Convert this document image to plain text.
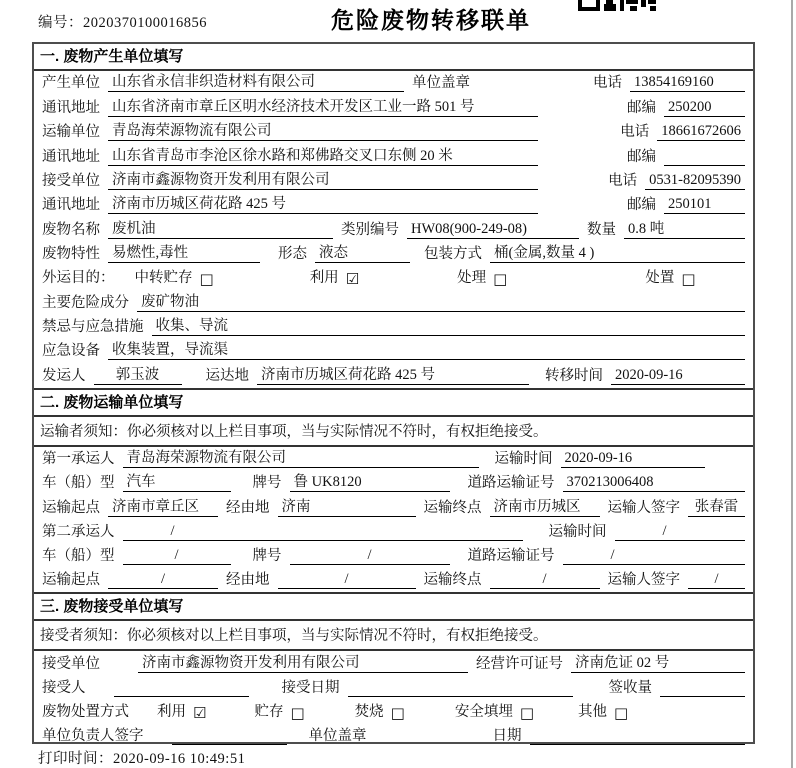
编号：2020370100016856	危险废物转移联单
一. 废物产生单位填写
产生单位 山东省永信非织造材料有限公司	单位盖章	电话 13854169160
通讯地址 山东省济南市章丘区明水经济技术开发区工业一路 501 号	邮编 250200
运输单位 青岛海荣源物流有限公司	电话 18661672606
通讯地址 山东省青岛市李沧区徐水路和郑佛路交叉口东侧 20 米	邮编
接受单位 济南市鑫源物资开发利用有限公司	电话 0531-82095390
通讯地址 济南市历城区荷花路 425 号	邮编 250101
废物名称 废机油	类别编号 HW08(900-249-08)	数量 0.8 吨
废物特性 易燃性,毒性	形态 液态	包装方式 桶(金属,数量 4 )
外运目的： 中转贮存 □	利用 ☑	处理 □	处置 □
主要危险成分 废矿物油
禁忌与应急措施 收集、导流
应急设备 收集装置，导流渠
发运人	郭玉波	运达地 济南市历城区荷花路 425 号	转移时间 2020-09-16
二. 废物运输单位填写
运输者须知：你必须核对以上栏目事项，当与实际情况不符时，有权拒绝接受。
第一承运人 青岛海荣源物流有限公司	运输时间 2020-09-16
车（船）型 汽车	牌号 鲁 UK8120	道路运输证号 370213006408
运输起点 济南市章丘区	经由地 济南	运输终点 济南市历城区	运输人签字	张春雷
第二承运人	/	运输时间	/
车（船）型	/	牌号	/	道路运输证号	/
运输起点	/	经由地	/	运输终点	/	运输人签字	/
三. 废物接受单位填写
接受者须知：你必须核对以上栏目事项，当与实际情况不符时，有权拒绝接受。
接受单位	济南市鑫源物资开发利用有限公司	经营许可证号 济南危证 02 号
接受人	接受日期	签收量
废物处置方式 利用 ☑	贮存 □	焚烧 □	安全填埋 □	其他 □
单位负责人签字	单位盖章	日期
打印时间：2020-09-16 10:49:51
